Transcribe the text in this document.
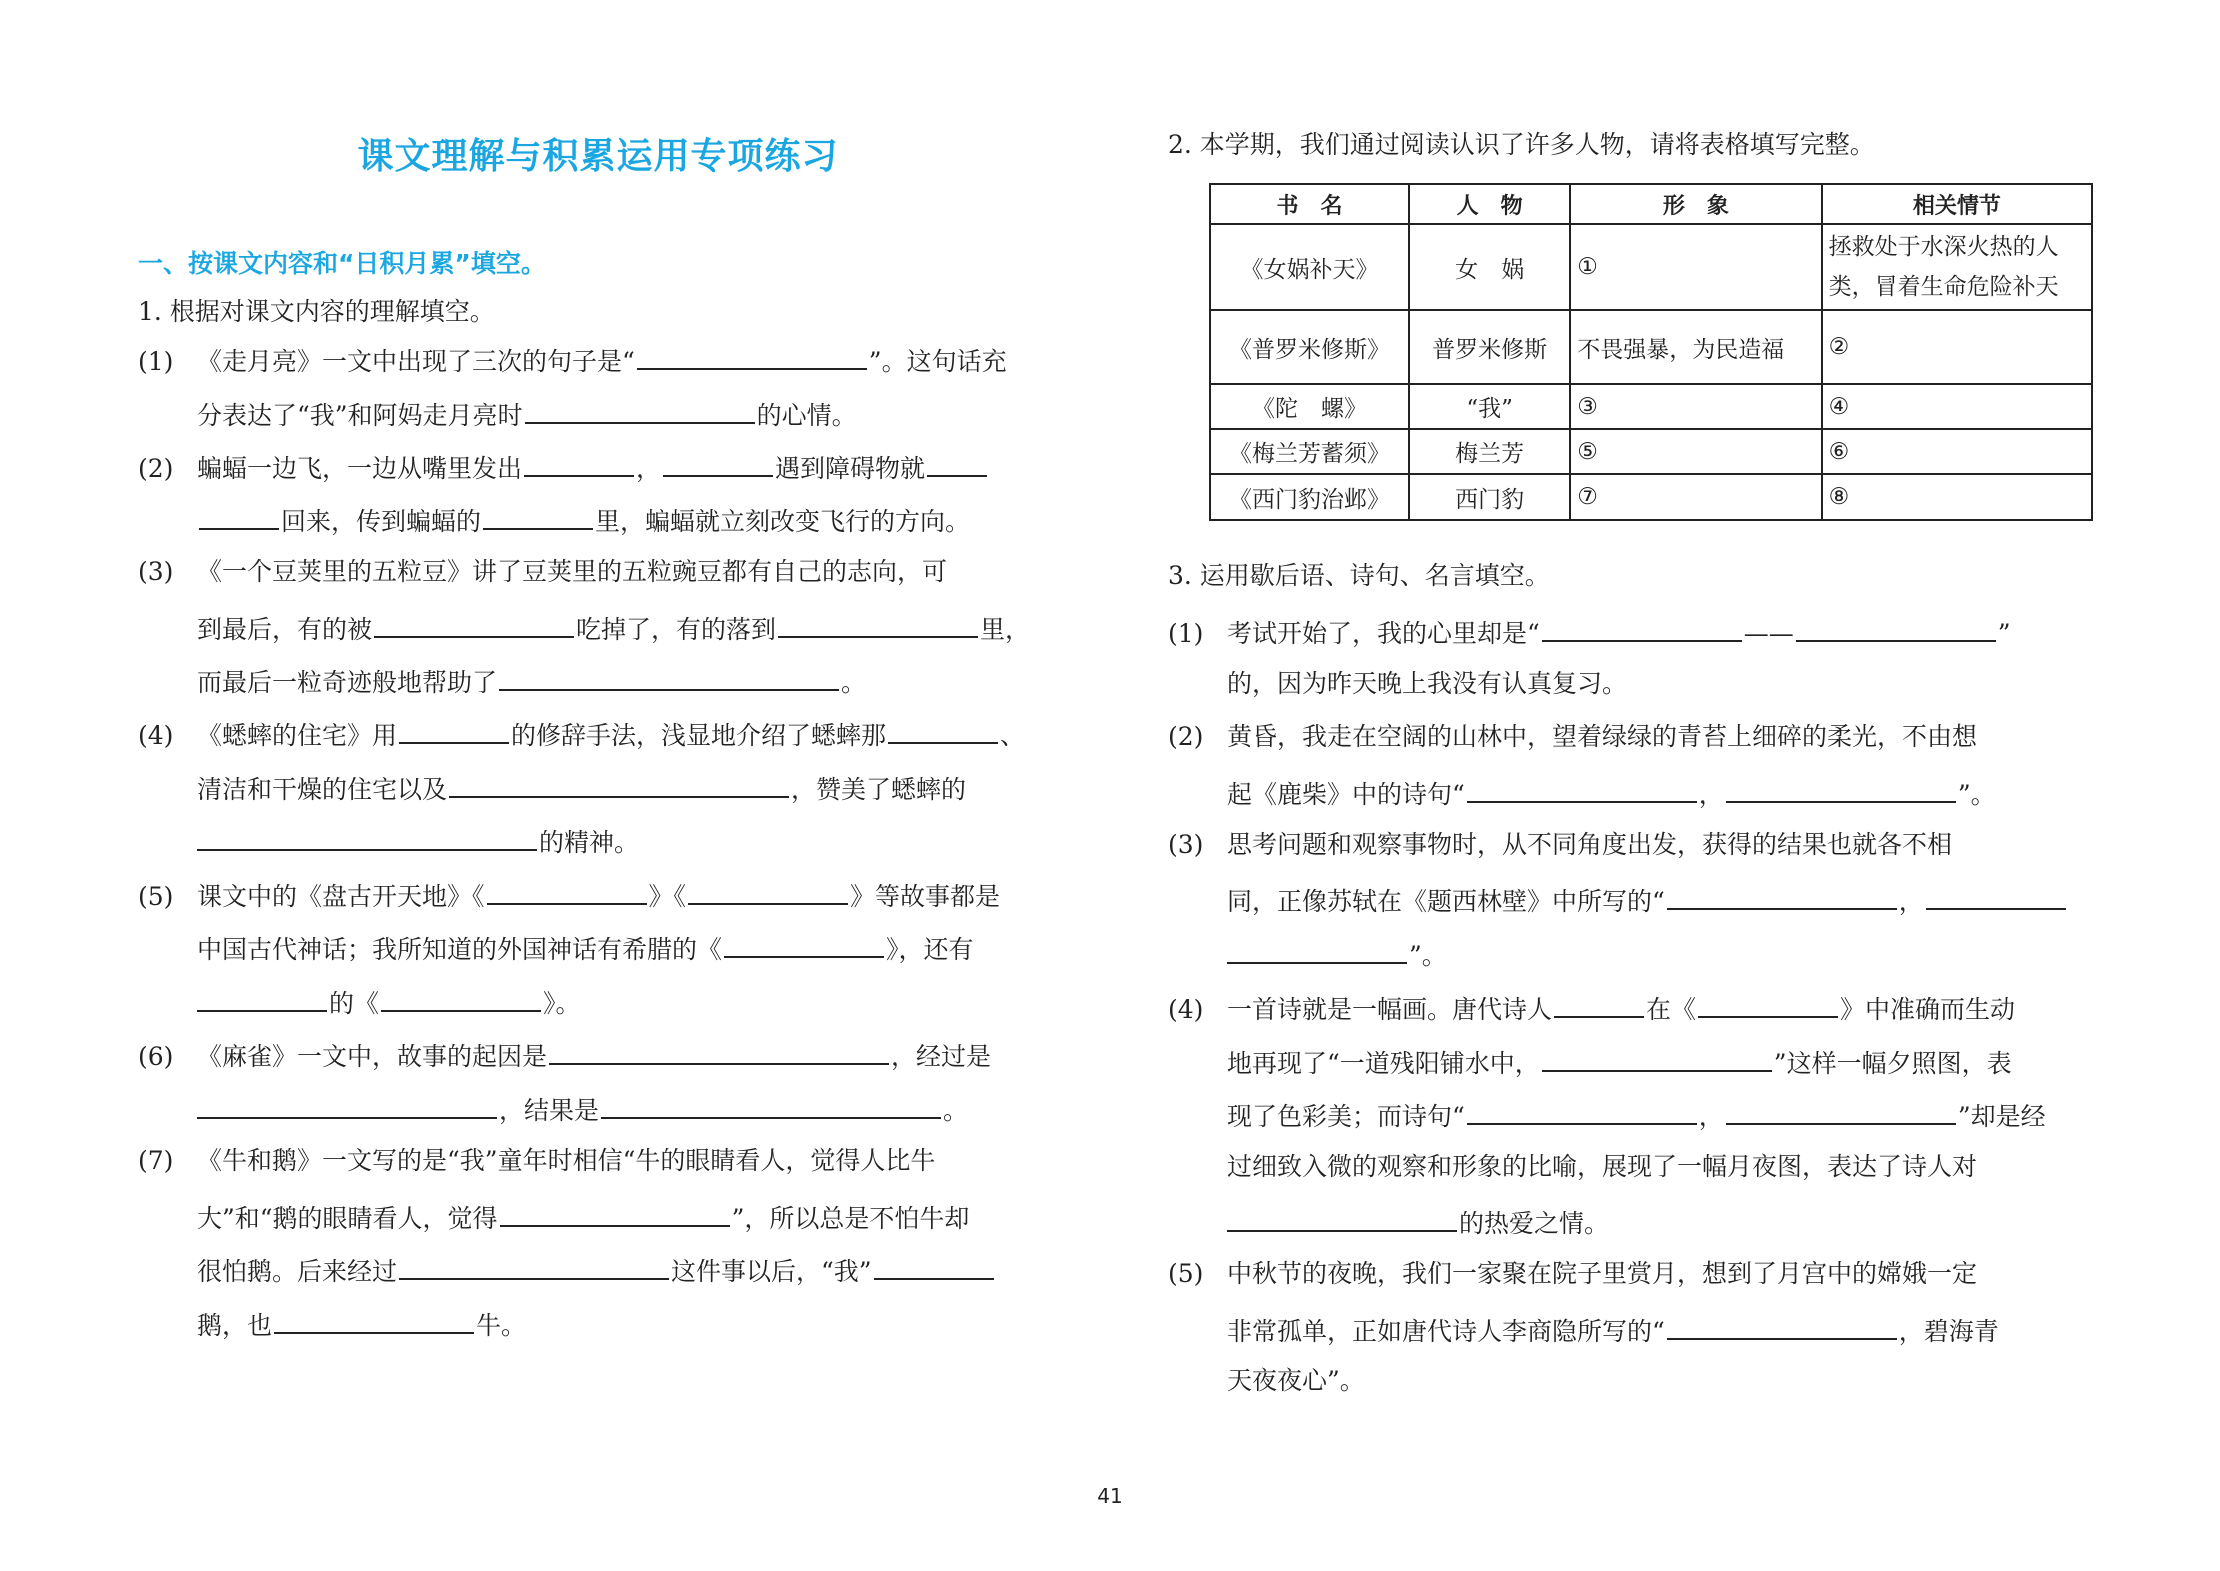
课文理解与积累运用专项练习
一、按课文内容和“日积月累”填空。
1. 根据对课文内容的理解填空。
(1) 《走月亮》一文中出现了三次的句子是“	”。这句话充
分表达了“我”和阿妈走月亮时	的心情。
(2) 蝙蝠一边飞，一边从嘴里发出	，	遇到障碍物就
回来，传到蝙蝠的	里，蝙蝠就立刻改变飞行的方向。
(3) 《一个豆荚里的五粒豆》讲了豆荚里的五粒豌豆都有自己的志向，可
到最后，有的被	吃掉了，有的落到	里，
而最后一粒奇迹般地帮助了	。
(4) 《蟋蟀的住宅》用	的修辞手法，浅显地介绍了蟋蟀那	、
清洁和干燥的住宅以及	，赞美了蟋蟀的
的精神。
(5) 课文中的《盘古开天地》《	》《	》等故事都是
中国古代神话；我所知道的外国神话有希腊的《	》，还有
的《	》。
(6) 《麻雀》一文中，故事的起因是	，经过是
，结果是	。
(7) 《牛和鹅》一文写的是“我”童年时相信“牛的眼睛看人，觉得人比牛
大”和“鹅的眼睛看人，觉得	”，所以总是不怕牛却
很怕鹅。后来经过	这件事以后，“我”
鹅，也	牛。
2. 本学期，我们通过阅读认识了许多人物，请将表格填写完整。
书　名	人　物	形　象	相关情节
《女娲补天》	女　娲	①	拯救处于水深火热的人类，冒着生命危险补天
《普罗米修斯》	普罗米修斯	不畏强暴，为民造福	②
《陀　螺》	“我”	③	④
《梅兰芳蓄须》	梅兰芳	⑤	⑥
《西门豹治邺》	西门豹	⑦	⑧
3. 运用歇后语、诗句、名言填空。
(1) 考试开始了，我的心里却是“	——	”
的，因为昨天晚上我没有认真复习。
(2) 黄昏，我走在空阔的山林中，望着绿绿的青苔上细碎的柔光，不由想
起《鹿柴》中的诗句“	，	”。
(3) 思考问题和观察事物时，从不同角度出发，获得的结果也就各不相
同，正像苏轼在《题西林壁》中所写的“	，
”。
(4) 一首诗就是一幅画。唐代诗人	在《	》中准确而生动
地再现了“一道残阳铺水中，	”这样一幅夕照图，表
现了色彩美；而诗句“	，	”却是经
过细致入微的观察和形象的比喻，展现了一幅月夜图，表达了诗人对
的热爱之情。
(5) 中秋节的夜晚，我们一家聚在院子里赏月，想到了月宫中的嫦娥一定
非常孤单，正如唐代诗人李商隐所写的“	，碧海青
天夜夜心”。
41
